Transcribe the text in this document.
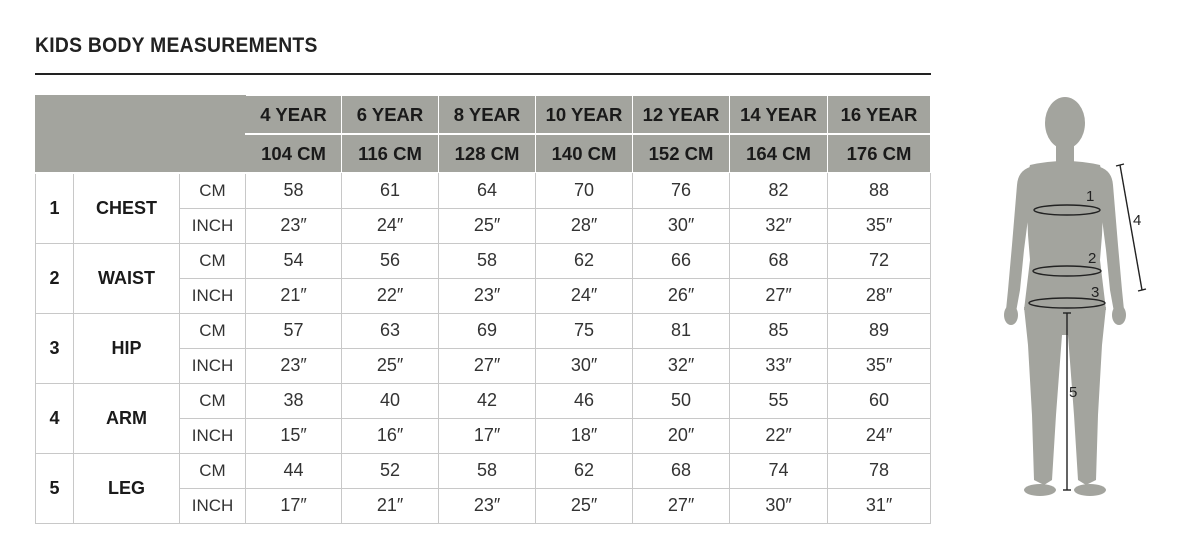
KIDS BODY MEASUREMENTS
			4 YEAR	6 YEAR	8 YEAR	10 YEAR	12 YEAR	14 YEAR	16 YEAR
			104 CM	116 CM	128 CM	140 CM	152 CM	164 CM	176 CM
1	CHEST	CM	58	61	64	70	76	82	88
		INCH	23″	24″	25″	28″	30″	32″	35″
2	WAIST	CM	54	56	58	62	66	68	72
		INCH	21″	22″	23″	24″	26″	27″	28″
3	HIP	CM	57	63	69	75	81	85	89
		INCH	23″	25″	27″	30″	32″	33″	35″
4	ARM	CM	38	40	42	46	50	55	60
		INCH	15″	16″	17″	18″	20″	22″	24″
5	LEG	CM	44	52	58	62	68	74	78
		INCH	17″	21″	23″	25″	27″	30″	31″
1
2
3
4
5
